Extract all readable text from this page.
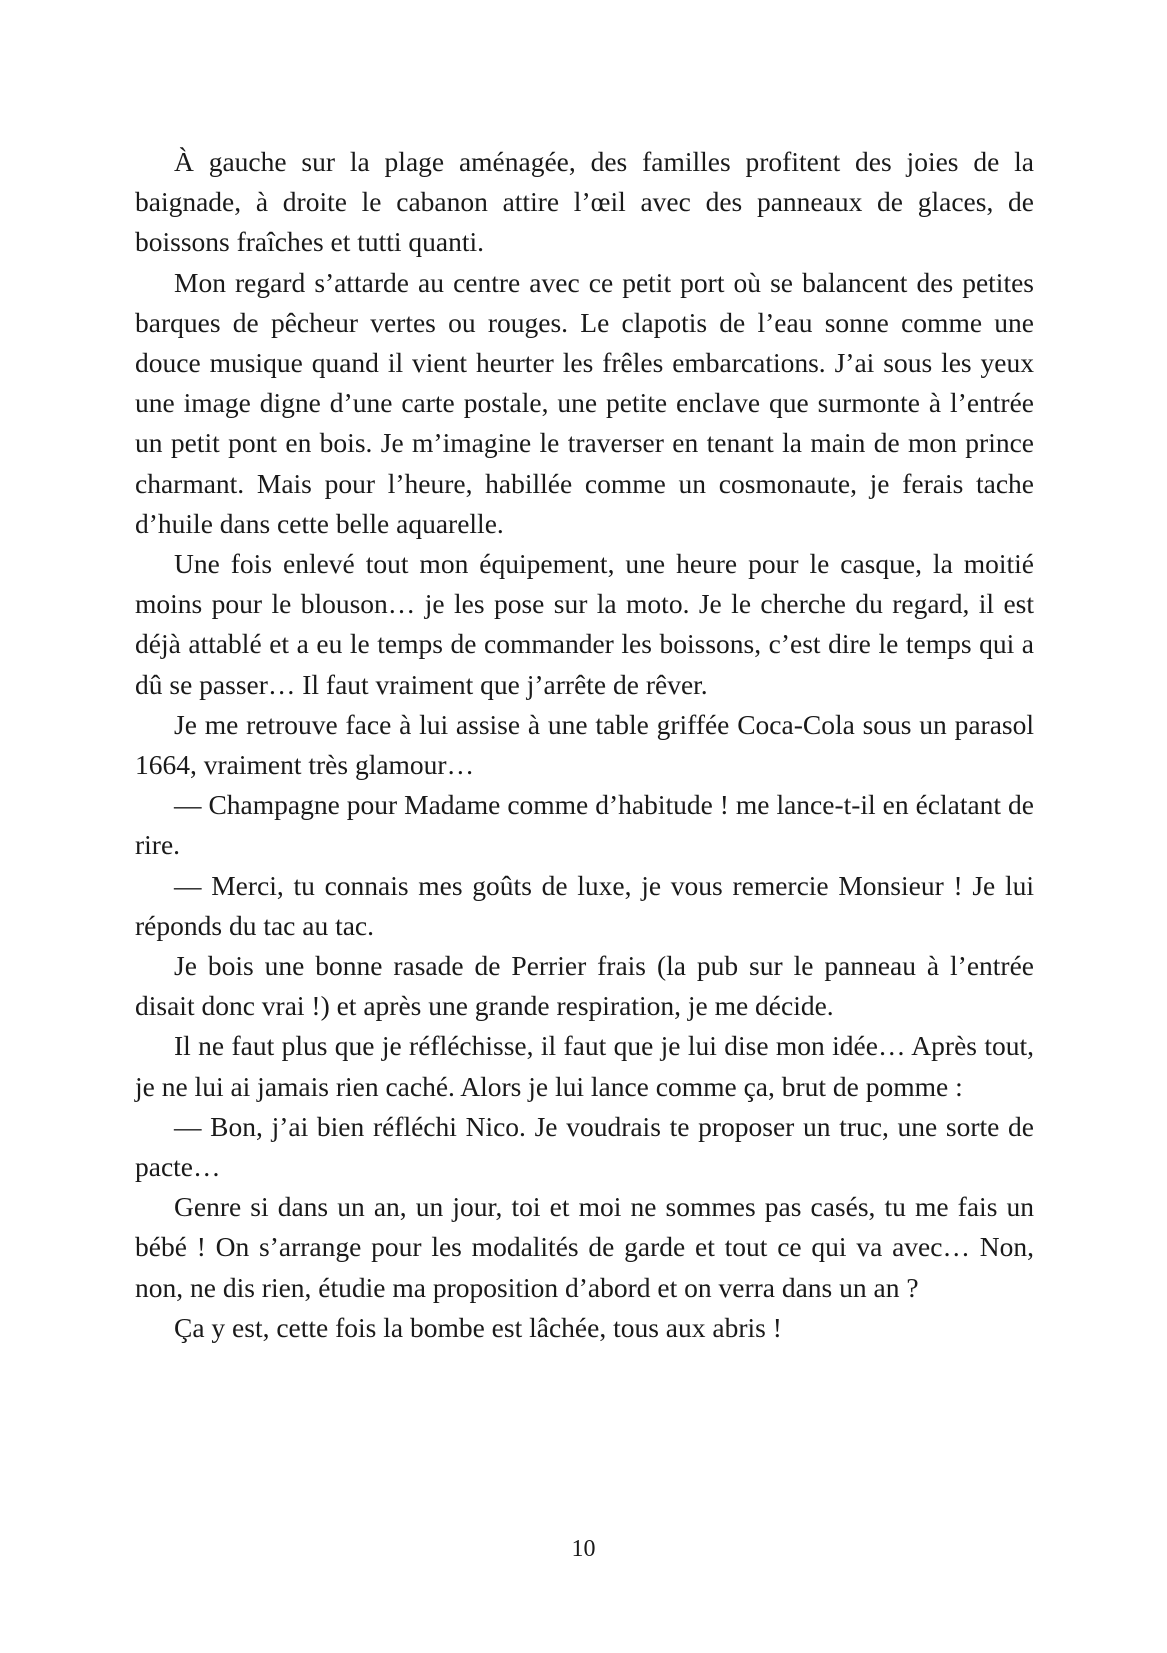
À gauche sur la plage aménagée, des familles profitent des joies de la baignade, à droite le cabanon attire l’œil avec des panneaux de glaces, de boissons fraîches et tutti quanti.

Mon regard s’attarde au centre avec ce petit port où se balancent des petites barques de pêcheur vertes ou rouges. Le clapotis de l’eau sonne comme une douce musique quand il vient heurter les frêles embarcations. J’ai sous les yeux une image digne d’une carte postale, une petite enclave que surmonte à l’entrée un petit pont en bois. Je m’imagine le traverser en tenant la main de mon prince charmant. Mais pour l’heure, habillée comme un cosmonaute, je ferais tache d’huile dans cette belle aquarelle.

Une fois enlevé tout mon équipement, une heure pour le casque, la moitié moins pour le blouson… je les pose sur la moto. Je le cherche du regard, il est déjà attablé et a eu le temps de commander les boissons, c’est dire le temps qui a dû se passer… Il faut vraiment que j’arrête de rêver.

Je me retrouve face à lui assise à une table griffée Coca-Cola sous un parasol 1664, vraiment très glamour…

— Champagne pour Madame comme d’habitude ! me lance-t-il en éclatant de rire.

— Merci, tu connais mes goûts de luxe, je vous remercie Monsieur ! Je lui réponds du tac au tac.

Je bois une bonne rasade de Perrier frais (la pub sur le panneau à l’entrée disait donc vrai !) et après une grande respiration, je me décide.

Il ne faut plus que je réfléchisse, il faut que je lui dise mon idée… Après tout, je ne lui ai jamais rien caché. Alors je lui lance comme ça, brut de pomme :

— Bon, j’ai bien réfléchi Nico. Je voudrais te proposer un truc, une sorte de pacte…

Genre si dans un an, un jour, toi et moi ne sommes pas casés, tu me fais un bébé ! On s’arrange pour les modalités de garde et tout ce qui va avec… Non, non, ne dis rien, étudie ma proposition d’abord et on verra dans un an ?

Ça y est, cette fois la bombe est lâchée, tous aux abris !

10
